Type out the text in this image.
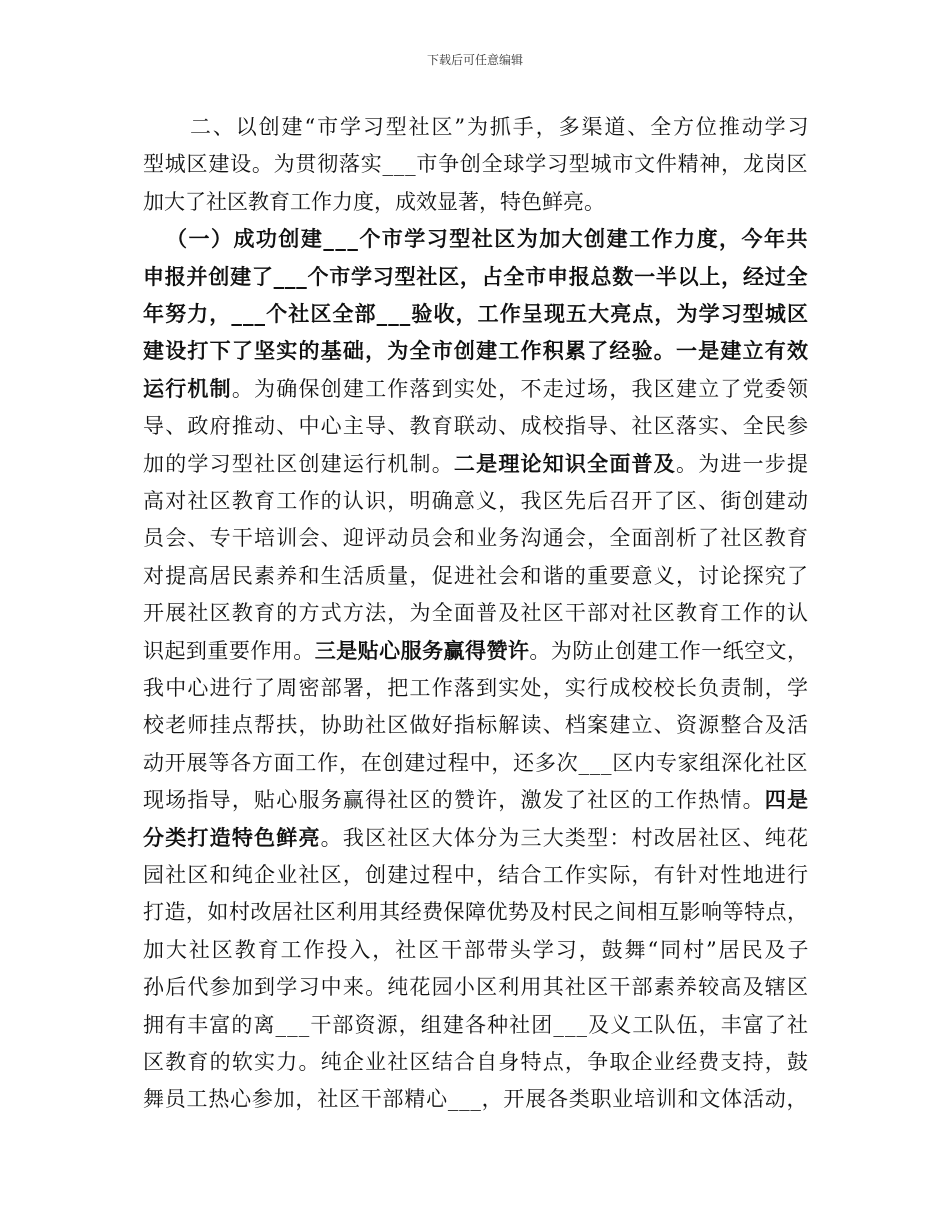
下载后可任意编辑
二、以创建“市学习型社区”为抓手，多渠道、全方位推动学习
型城区建设。为贯彻落实___市争创全球学习型城市文件精神，龙岗区
加大了社区教育工作力度，成效显著，特色鲜亮。
（一）成功创建___个市学习型社区为加大创建工作力度，今年共
申报并创建了___个市学习型社区，占全市申报总数一半以上，经过全
年努力，___个社区全部___验收，工作呈现五大亮点，为学习型城区
建设打下了坚实的基础，为全市创建工作积累了经验。一是建立有效
运行机制。为确保创建工作落到实处，不走过场，我区建立了党委领
导、政府推动、中心主导、教育联动、成校指导、社区落实、全民参
加的学习型社区创建运行机制。二是理论知识全面普及。为进一步提
高对社区教育工作的认识，明确意义，我区先后召开了区、街创建动
员会、专干培训会、迎评动员会和业务沟通会，全面剖析了社区教育
对提高居民素养和生活质量，促进社会和谐的重要意义，讨论探究了
开展社区教育的方式方法，为全面普及社区干部对社区教育工作的认
识起到重要作用。三是贴心服务赢得赞许。为防止创建工作一纸空文，
我中心进行了周密部署，把工作落到实处，实行成校校长负责制，学
校老师挂点帮扶，协助社区做好指标解读、档案建立、资源整合及活
动开展等各方面工作，在创建过程中，还多次___区内专家组深化社区
现场指导，贴心服务赢得社区的赞许，激发了社区的工作热情。四是
分类打造特色鲜亮。我区社区大体分为三大类型：村改居社区、纯花
园社区和纯企业社区，创建过程中，结合工作实际，有针对性地进行
打造，如村改居社区利用其经费保障优势及村民之间相互影响等特点，
加大社区教育工作投入，社区干部带头学习，鼓舞“同村”居民及子
孙后代参加到学习中来。纯花园小区利用其社区干部素养较高及辖区
拥有丰富的离___干部资源，组建各种社团___及义工队伍，丰富了社
区教育的软实力。纯企业社区结合自身特点，争取企业经费支持，鼓
舞员工热心参加，社区干部精心___，开展各类职业培训和文体活动，
